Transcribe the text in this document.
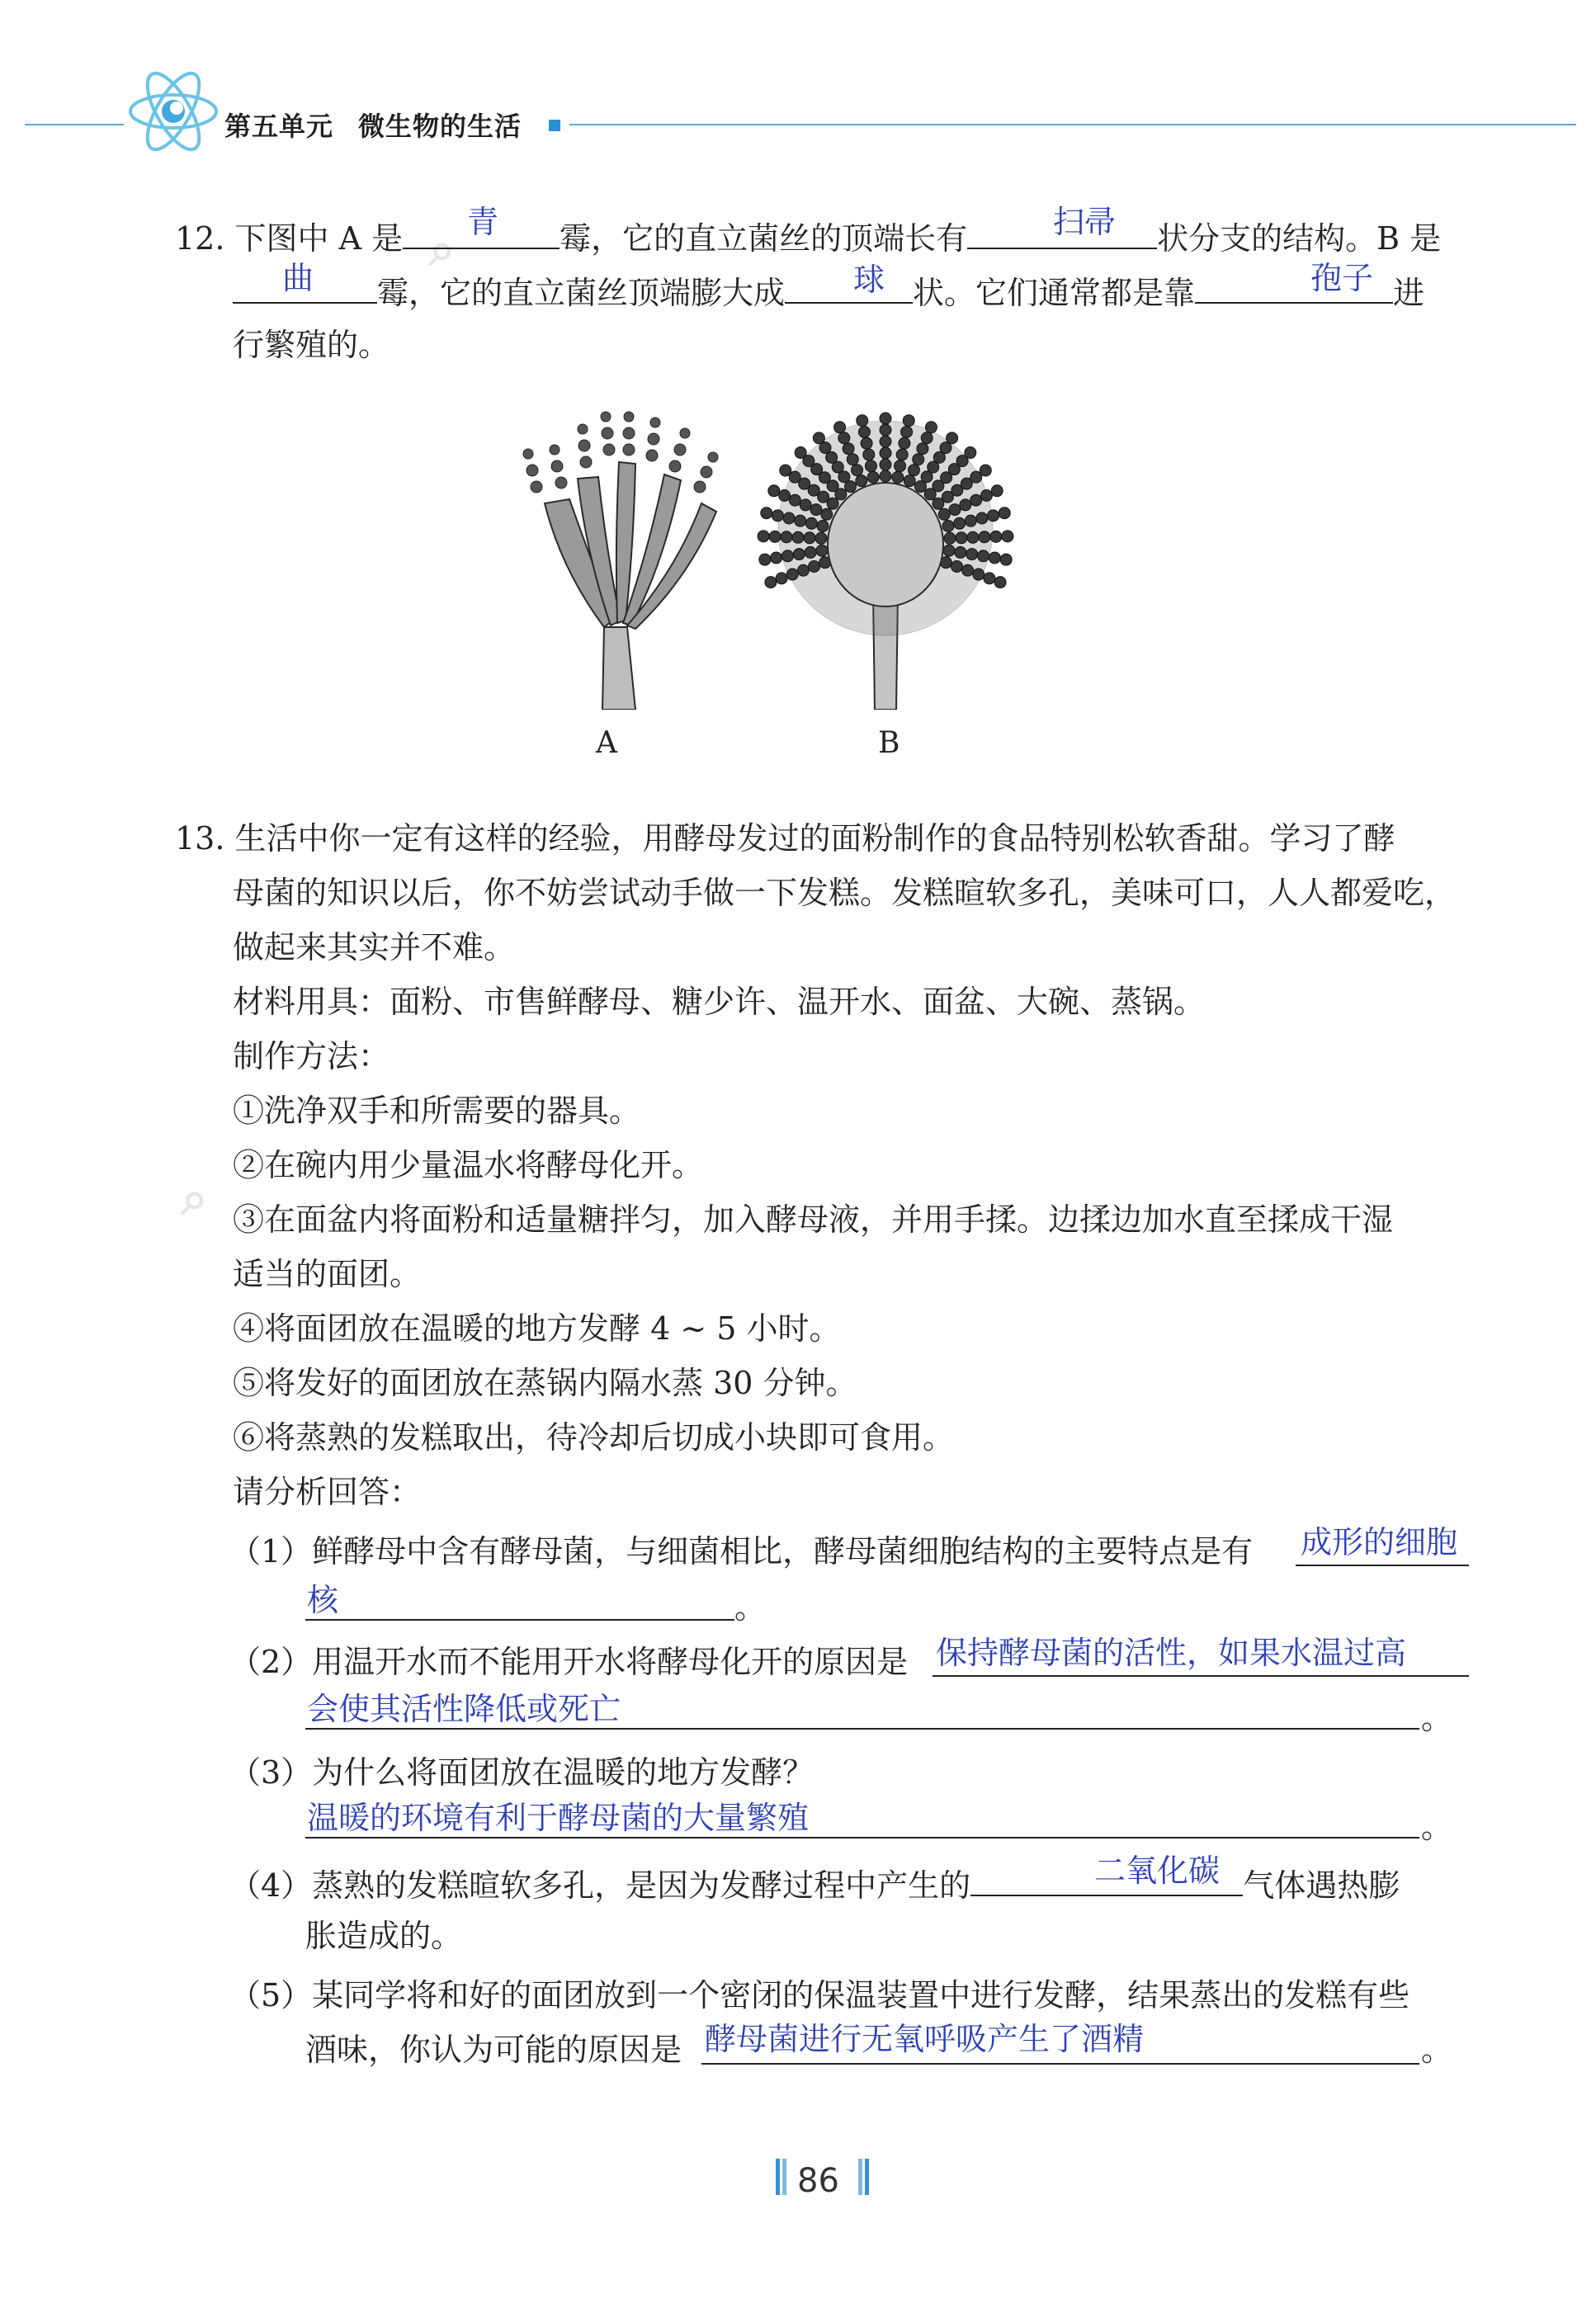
第五单元 微生物的生活
⌕
⌕
12. 下图中 A 是	霉，它的直立菌丝的顶端长有	状分支的结构。B 是
青	扫帚
霉，它的直立菌丝顶端膨大成	状。它们通常都是靠	进
曲	球	孢子
行繁殖的。
A	B
13. 生活中你一定有这样的经验，用酵母发过的面粉制作的食品特别松软香甜。学习了酵
母菌的知识以后，你不妨尝试动手做一下发糕。发糕暄软多孔，美味可口，人人都爱吃，
做起来其实并不难。
材料用具：面粉、市售鲜酵母、糖少许、温开水、面盆、大碗、蒸锅。
制作方法：
①洗净双手和所需要的器具。
②在碗内用少量温水将酵母化开。
③在面盆内将面粉和适量糖拌匀，加入酵母液，并用手揉。边揉边加水直至揉成干湿
适当的面团。
④将面团放在温暖的地方发酵 4 ~ 5 小时。
⑤将发好的面团放在蒸锅内隔水蒸 30 分钟。
⑥将蒸熟的发糕取出，待冷却后切成小块即可食用。
请分析回答：
（1）鲜酵母中含有酵母菌，与细菌相比，酵母菌细胞结构的主要特点是有 成形的细胞
核	。
（2）用温开水而不能用开水将酵母化开的原因是 保持酵母菌的活性，如果水温过高
会使其活性降低或死亡	。
（3）为什么将面团放在温暖的地方发酵？
温暖的环境有利于酵母菌的大量繁殖	。
（4）蒸熟的发糕暄软多孔，是因为发酵过程中产生的	气体遇热膨
二氧化碳
胀造成的。
（5）某同学将和好的面团放到一个密闭的保温装置中进行发酵，结果蒸出的发糕有些
酒味，你认为可能的原因是 酵母菌进行无氧呼吸产生了酒精	。
86
